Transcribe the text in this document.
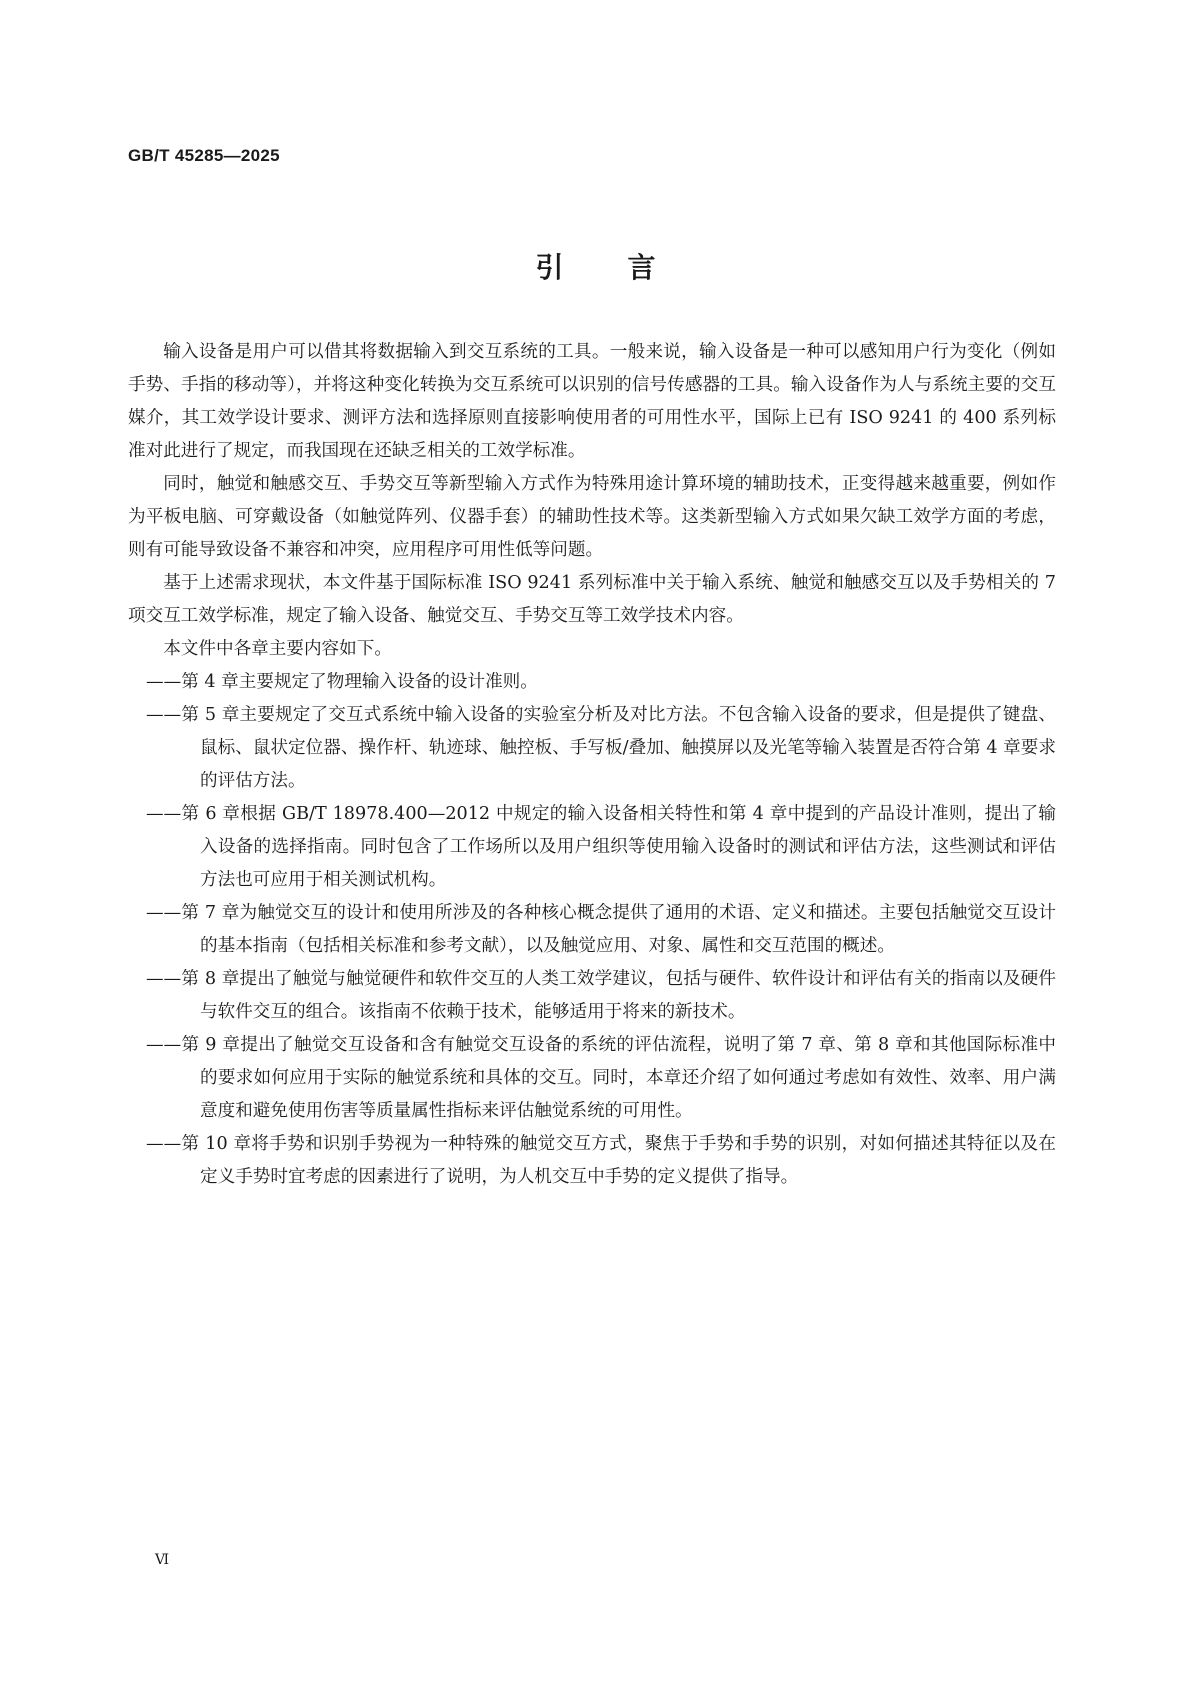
GB/T 45285—2025
引言

输入设备是用户可以借其将数据输入到交互系统的工具。一般来说，输入设备是一种可以感知用户行为变化（例如手势、手指的移动等），并将这种变化转换为交互系统可以识别的信号传感器的工具。输入设备作为人与系统主要的交互媒介，其工效学设计要求、测评方法和选择原则直接影响使用者的可用性水平，国际上已有 ISO 9241 的 400 系列标准对此进行了规定，而我国现在还缺乏相关的工效学标准。

同时，触觉和触感交互、手势交互等新型输入方式作为特殊用途计算环境的辅助技术，正变得越来越重要，例如作为平板电脑、可穿戴设备（如触觉阵列、仪器手套）的辅助性技术等。这类新型输入方式如果欠缺工效学方面的考虑，则有可能导致设备不兼容和冲突，应用程序可用性低等问题。

基于上述需求现状，本文件基于国际标准 ISO 9241 系列标准中关于输入系统、触觉和触感交互以及手势相关的 7 项交互工效学标准，规定了输入设备、触觉交互、手势交互等工效学技术内容。

本文件中各章主要内容如下。

——第 4 章主要规定了物理输入设备的设计准则。

——第 5 章主要规定了交互式系统中输入设备的实验室分析及对比方法。不包含输入设备的要求，但是提供了键盘、鼠标、鼠状定位器、操作杆、轨迹球、触控板、手写板/叠加、触摸屏以及光笔等输入装置是否符合第 4 章要求的评估方法。

——第 6 章根据 GB/T 18978.400—2012 中规定的输入设备相关特性和第 4 章中提到的产品设计准则，提出了输入设备的选择指南。同时包含了工作场所以及用户组织等使用输入设备时的测试和评估方法，这些测试和评估方法也可应用于相关测试机构。

——第 7 章为触觉交互的设计和使用所涉及的各种核心概念提供了通用的术语、定义和描述。主要包括触觉交互设计的基本指南（包括相关标准和参考文献），以及触觉应用、对象、属性和交互范围的概述。

——第 8 章提出了触觉与触觉硬件和软件交互的人类工效学建议，包括与硬件、软件设计和评估有关的指南以及硬件与软件交互的组合。该指南不依赖于技术，能够适用于将来的新技术。

——第 9 章提出了触觉交互设备和含有触觉交互设备的系统的评估流程，说明了第 7 章、第 8 章和其他国际标准中的要求如何应用于实际的触觉系统和具体的交互。同时，本章还介绍了如何通过考虑如有效性、效率、用户满意度和避免使用伤害等质量属性指标来评估触觉系统的可用性。

——第 10 章将手势和识别手势视为一种特殊的触觉交互方式，聚焦于手势和手势的识别，对如何描述其特征以及在定义手势时宜考虑的因素进行了说明，为人机交互中手势的定义提供了指导。

Ⅵ
